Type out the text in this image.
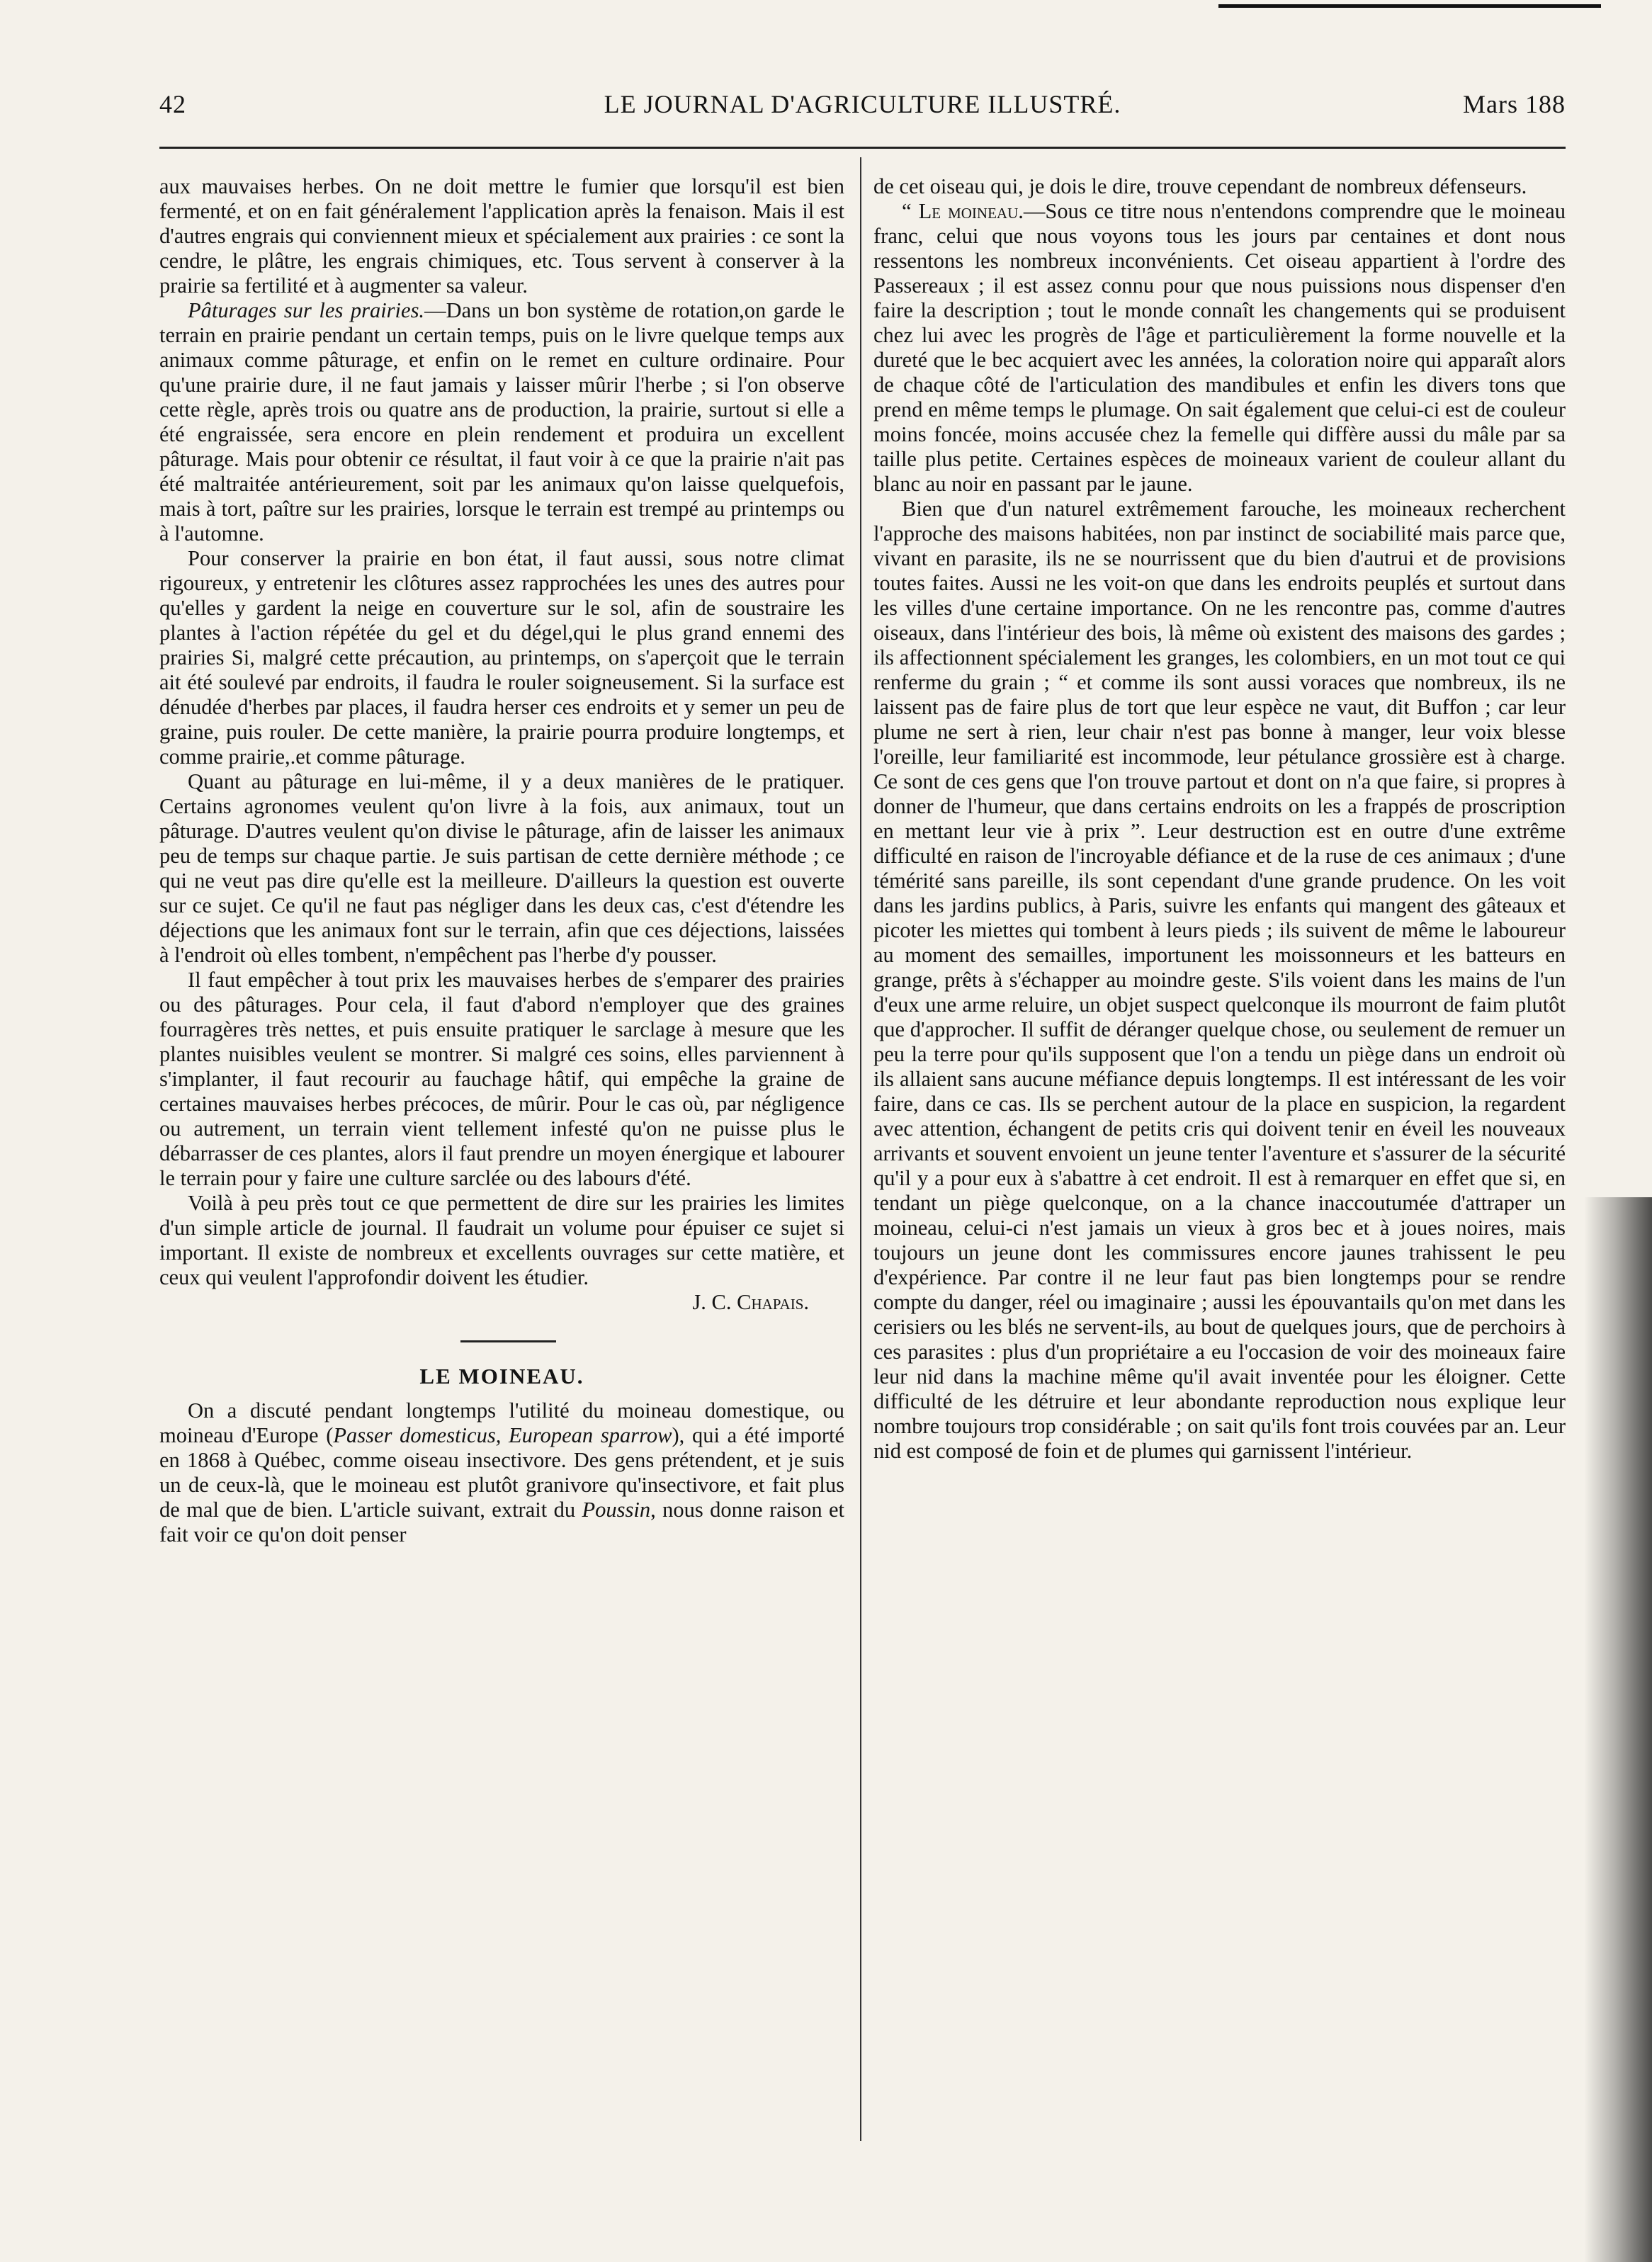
42	LE JOURNAL D'AGRICULTURE ILLUSTRÉ.	Mars 188

aux mauvaises herbes. On ne doit mettre le fumier que lorsqu'il est bien fermenté, et on en fait généralement l'application après la fenaison. Mais il est d'autres engrais qui conviennent mieux et spécialement aux prairies : ce sont la cendre, le plâtre, les engrais chimiques, etc. Tous servent à conserver à la prairie sa fertilité et à augmenter sa valeur.

Pâturages sur les prairies.—Dans un bon système de rotation,on garde le terrain en prairie pendant un certain temps, puis on le livre quelque temps aux animaux comme pâturage, et enfin on le remet en culture ordinaire. Pour qu'une prairie dure, il ne faut jamais y laisser mûrir l'herbe ; si l'on observe cette règle, après trois ou quatre ans de production, la prairie, surtout si elle a été engraissée, sera encore en plein rendement et produira un excellent pâturage. Mais pour obtenir ce résultat, il faut voir à ce que la prairie n'ait pas été maltraitée antérieurement, soit par les animaux qu'on laisse quelquefois, mais à tort, paître sur les prairies, lorsque le terrain est trempé au printemps ou à l'automne.

Pour conserver la prairie en bon état, il faut aussi, sous notre climat rigoureux, y entretenir les clôtures assez rapprochées les unes des autres pour qu'elles y gardent la neige en couverture sur le sol, afin de soustraire les plantes à l'action répétée du gel et du dégel,qui le plus grand ennemi des prairies Si, malgré cette précaution, au printemps, on s'aperçoit que le terrain ait été soulevé par endroits, il faudra le rouler soigneusement. Si la surface est dénudée d'herbes par places, il faudra herser ces endroits et y semer un peu de graine, puis rouler. De cette manière, la prairie pourra produire longtemps, et comme prairie,.et comme pâturage.

Quant au pâturage en lui-même, il y a deux manières de le pratiquer. Certains agronomes veulent qu'on livre à la fois, aux animaux, tout un pâturage. D'autres veulent qu'on divise le pâturage, afin de laisser les animaux peu de temps sur chaque partie. Je suis partisan de cette dernière méthode ; ce qui ne veut pas dire qu'elle est la meilleure. D'ailleurs la question est ouverte sur ce sujet. Ce qu'il ne faut pas négliger dans les deux cas, c'est d'étendre les déjections que les animaux font sur le terrain, afin que ces déjections, laissées à l'endroit où elles tombent, n'empêchent pas l'herbe d'y pousser.

Il faut empêcher à tout prix les mauvaises herbes de s'emparer des prairies ou des pâturages. Pour cela, il faut d'abord n'employer que des graines fourragères très nettes, et puis ensuite pratiquer le sarclage à mesure que les plantes nuisibles veulent se montrer. Si malgré ces soins, elles parviennent à s'implanter, il faut recourir au fauchage hâtif, qui empêche la graine de certaines mauvaises herbes précoces, de mûrir. Pour le cas où, par négligence ou autrement, un terrain vient tellement infesté qu'on ne puisse plus le débarrasser de ces plantes, alors il faut prendre un moyen énergique et labourer le terrain pour y faire une culture sarclée ou des labours d'été.

Voilà à peu près tout ce que permettent de dire sur les prairies les limites d'un simple article de journal. Il faudrait un volume pour épuiser ce sujet si important. Il existe de nombreux et excellents ouvrages sur cette matière, et ceux qui veulent l'approfondir doivent les étudier.

J. C. Chapais.

LE MOINEAU.

On a discuté pendant longtemps l'utilité du moineau domestique, ou moineau d'Europe (Passer domesticus, European sparrow), qui a été importé en 1868 à Québec, comme oiseau insectivore. Des gens prétendent, et je suis un de ceux-là, que le moineau est plutôt granivore qu'insectivore, et fait plus de mal que de bien. L'article suivant, extrait du Poussin, nous donne raison et fait voir ce qu'on doit penser

de cet oiseau qui, je dois le dire, trouve cependant de nombreux défenseurs.

“ Le moineau.—Sous ce titre nous n'entendons comprendre que le moineau franc, celui que nous voyons tous les jours par centaines et dont nous ressentons les nombreux inconvénients. Cet oiseau appartient à l'ordre des Passereaux ; il est assez connu pour que nous puissions nous dispenser d'en faire la description ; tout le monde connaît les changements qui se produisent chez lui avec les progrès de l'âge et particulièrement la forme nouvelle et la dureté que le bec acquiert avec les années, la coloration noire qui apparaît alors de chaque côté de l'articulation des mandibules et enfin les divers tons que prend en même temps le plumage. On sait également que celui-ci est de couleur moins foncée, moins accusée chez la femelle qui diffère aussi du mâle par sa taille plus petite. Certaines espèces de moineaux varient de couleur allant du blanc au noir en passant par le jaune.

Bien que d'un naturel extrêmement farouche, les moineaux recherchent l'approche des maisons habitées, non par instinct de sociabilité mais parce que, vivant en parasite, ils ne se nourrissent que du bien d'autrui et de provisions toutes faites. Aussi ne les voit-on que dans les endroits peuplés et surtout dans les villes d'une certaine importance. On ne les rencontre pas, comme d'autres oiseaux, dans l'intérieur des bois, là même où existent des maisons des gardes ; ils affectionnent spécialement les granges, les colombiers, en un mot tout ce qui renferme du grain ; “ et comme ils sont aussi voraces que nombreux, ils ne laissent pas de faire plus de tort que leur espèce ne vaut, dit Buffon ; car leur plume ne sert à rien, leur chair n'est pas bonne à manger, leur voix blesse l'oreille, leur familiarité est incommode, leur pétulance grossière est à charge. Ce sont de ces gens que l'on trouve partout et dont on n'a que faire, si propres à donner de l'humeur, que dans certains endroits on les a frappés de proscription en mettant leur vie à prix ”. Leur destruction est en outre d'une extrême difficulté en raison de l'incroyable défiance et de la ruse de ces animaux ; d'une témérité sans pareille, ils sont cependant d'une grande prudence. On les voit dans les jardins publics, à Paris, suivre les enfants qui mangent des gâteaux et picoter les miettes qui tombent à leurs pieds ; ils suivent de même le laboureur au moment des semailles, importunent les moissonneurs et les batteurs en grange, prêts à s'échapper au moindre geste. S'ils voient dans les mains de l'un d'eux une arme reluire, un objet suspect quelconque ils mourront de faim plutôt que d'approcher. Il suffit de déranger quelque chose, ou seulement de remuer un peu la terre pour qu'ils supposent que l'on a tendu un piège dans un endroit où ils allaient sans aucune méfiance depuis longtemps. Il est intéressant de les voir faire, dans ce cas. Ils se perchent autour de la place en suspicion, la regardent avec attention, échangent de petits cris qui doivent tenir en éveil les nouveaux arrivants et souvent envoient un jeune tenter l'aventure et s'assurer de la sécurité qu'il y a pour eux à s'abattre à cet endroit. Il est à remarquer en effet que si, en tendant un piège quelconque, on a la chance inaccoutumée d'attraper un moineau, celui-ci n'est jamais un vieux à gros bec et à joues noires, mais toujours un jeune dont les commissures encore jaunes trahissent le peu d'expérience. Par contre il ne leur faut pas bien longtemps pour se rendre compte du danger, réel ou imaginaire ; aussi les épouvantails qu'on met dans les cerisiers ou les blés ne servent-ils, au bout de quelques jours, que de perchoirs à ces parasites : plus d'un propriétaire a eu l'occasion de voir des moineaux faire leur nid dans la machine même qu'il avait inventée pour les éloigner. Cette difficulté de les détruire et leur abondante reproduction nous explique leur nombre toujours trop considérable ; on sait qu'ils font trois couvées par an. Leur nid est composé de foin et de plumes qui garnissent l'intérieur.
